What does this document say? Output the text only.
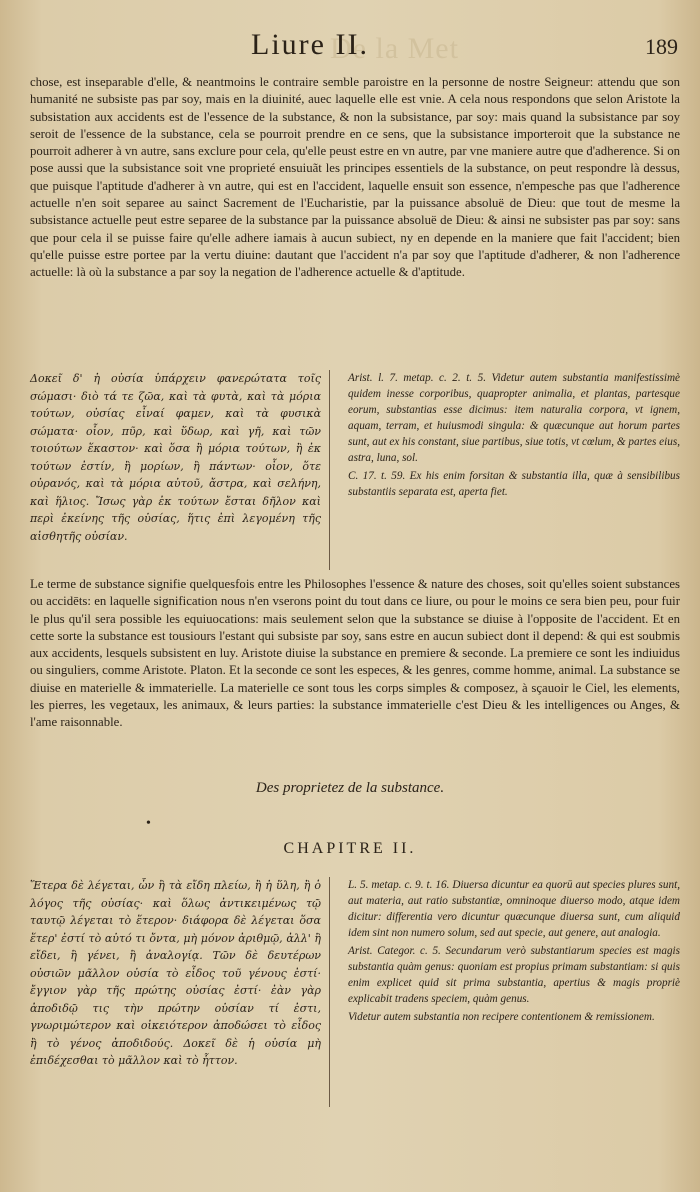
De la Met
Liure II.	189

chose, est inseparable d'elle, & neantmoins le contraire semble paroistre en la personne de nostre Seigneur: attendu que son humanité ne subsiste pas par soy, mais en la diuinité, auec laquelle elle est vnie. A cela nous respondons que selon Aristote la subsistation aux accidents est de l'essence de la substance, & non la subsistance, par soy: mais quand la subsistance par soy seroit de l'essence de la substance, cela se pourroit prendre en ce sens, que la subsistance importeroit que la substance ne pourroit adherer à vn autre, sans exclure pour cela, qu'elle peust estre en vn autre, par vne maniere autre que d'adherence. Si on pose aussi que la subsistance soit vne proprieté ensuiuãt les principes essentiels de la substance, on peut respondre là dessus, que puisque l'aptitude d'adherer à vn autre, qui est en l'accident, laquelle ensuit son essence, n'empesche pas que l'adherence actuelle n'en soit separee au sainct Sacrement de l'Eucharistie, par la puissance absoluë de Dieu: que tout de mesme la subsistance actuelle peut estre separee de la substance par la puissance absoluë de Dieu: & ainsi ne subsister pas par soy: sans que pour cela il se puisse faire qu'elle adhere iamais à aucun subiect, ny en depende en la maniere que fait l'accident; bien qu'elle puisse estre portee par la vertu diuine: dautant que l'accident n'a par soy que l'aptitude d'adherer, & non l'adherence actuelle: là où la substance a par soy la negation de l'adherence actuelle & d'aptitude.

Δοκεῖ δ' ἡ οὐσία ὑπάρχειν φανερώτατα τοῖς σώμασι· διὸ τά τε ζῶα, καὶ τὰ φυτὰ, καὶ τὰ μόρια τούτων, οὐσίας εἶναί φαμεν, καὶ τὰ φυσικὰ σώματα· οἷον, πῦρ, καὶ ὕδωρ, καὶ γῆ, καὶ τῶν τοιούτων ἕκαστον· καὶ ὅσα ἢ μόρια τούτων, ἢ ἐκ τούτων ἐστίν, ἢ μορίων, ἢ πάντων· οἷον, ὅτε οὐρανός, καὶ τὰ μόρια αὐτοῦ, ἄστρα, καὶ σελήνη, καὶ ἥλιος. Ἴσως γὰρ ἐκ τούτων ἔσται δῆλον καὶ περὶ ἐκείνης τῆς οὐσίας, ἥτις ἐπὶ λεγομένη τῆς αἰσθητῆς οὐσίαν.

Arist. l. 7. metap. c. 2. t. 5. Videtur autem substantia manifestissimè quidem inesse corporibus, quapropter animalia, et plantas, partesque eorum, substantias esse dicimus: item naturalia corpora, vt ignem, aquam, terram, et huiusmodi singula: & quæcunque aut horum partes sunt, aut ex his constant, siue partibus, siue totis, vt cœlum, & partes eius, astra, luna, sol.

C. 17. t. 59. Ex his enim forsitan & substantia illa, quæ à sensibilibus substantiis separata est, aperta fiet.

Le terme de substance signifie quelquesfois entre les Philosophes l'essence & nature des choses, soit qu'elles soient substances ou accidēts: en laquelle signification nous n'en vserons point du tout dans ce liure, ou pour le moins ce sera bien peu, pour fuir le plus qu'il sera possible les equiuocations: mais seulement selon que la substance se diuise à l'opposite de l'accident. Et en cette sorte la substance est tousiours l'estant qui subsiste par soy, sans estre en aucun subiect dont il depend: & qui est soubmis aux accidents, lesquels subsistent en luy. Aristote diuise la substance en premiere & seconde. La premiere ce sont les indiuidus ou singuliers, comme Aristote. Platon. Et la seconde ce sont les especes, & les genres, comme homme, animal. La substance se diuise en materielle & immaterielle. La materielle ce sont tous les corps simples & composez, à sçauoir le Ciel, les elements, les pierres, les vegetaux, les animaux, & leurs parties: la substance immaterielle c'est Dieu & les intelligences ou Anges, & l'ame raisonnable.

Des proprietez de la substance.
•
CHAPITRE II.

Ἕτερα δὲ λέγεται, ὧν ἢ τὰ εἴδη πλείω, ἢ ἡ ὕλη, ἢ ὁ λόγος τῆς οὐσίας· καὶ ὅλως ἀντικειμένως τῷ ταυτῷ λέγεται τὸ ἕτερον· διάφορα δὲ λέγεται ὅσα ἕτερ' ἐστί τὸ αὐτό τι ὄντα, μὴ μόνον ἀριθμῷ, ἀλλ' ἢ εἴδει, ἢ γένει, ἢ ἀναλογίᾳ. Τῶν δὲ δευτέρων οὐσιῶν μᾶλλον οὐσία τὸ εἶδος τοῦ γένους ἐστί· ἔγγιον γὰρ τῆς πρώτης οὐσίας ἐστί· ἐὰν γὰρ ἀποδιδῷ τις τὴν πρώτην οὐσίαν τί ἐστι, γνωριμώτερον καὶ οἰκειότερον ἀποδώσει τὸ εἶδος ἢ τὸ γένος ἀποδιδούς. Δοκεῖ δὲ ἡ οὐσία μὴ ἐπιδέχεσθαι τὸ μᾶλλον καὶ τὸ ἧττον.

L. 5. metap. c. 9. t. 16. Diuersa dicuntur ea quorū aut species plures sunt, aut materia, aut ratio substantiæ, omninoque diuerso modo, atque idem dicitur: differentia vero dicuntur quæcunque diuersa sunt, cum aliquid idem sint non numero solum, sed aut specie, aut genere, aut analogia.

Arist. Categor. c. 5. Secundarum verò substantiarum species est magis substantia quàm genus: quoniam est propius primam substantiam: si quis enim explicet quid sit prima substantia, apertius & magis propriè explicabit tradens speciem, quàm genus.

Videtur autem substantia non recipere contentionem & remissionem.
